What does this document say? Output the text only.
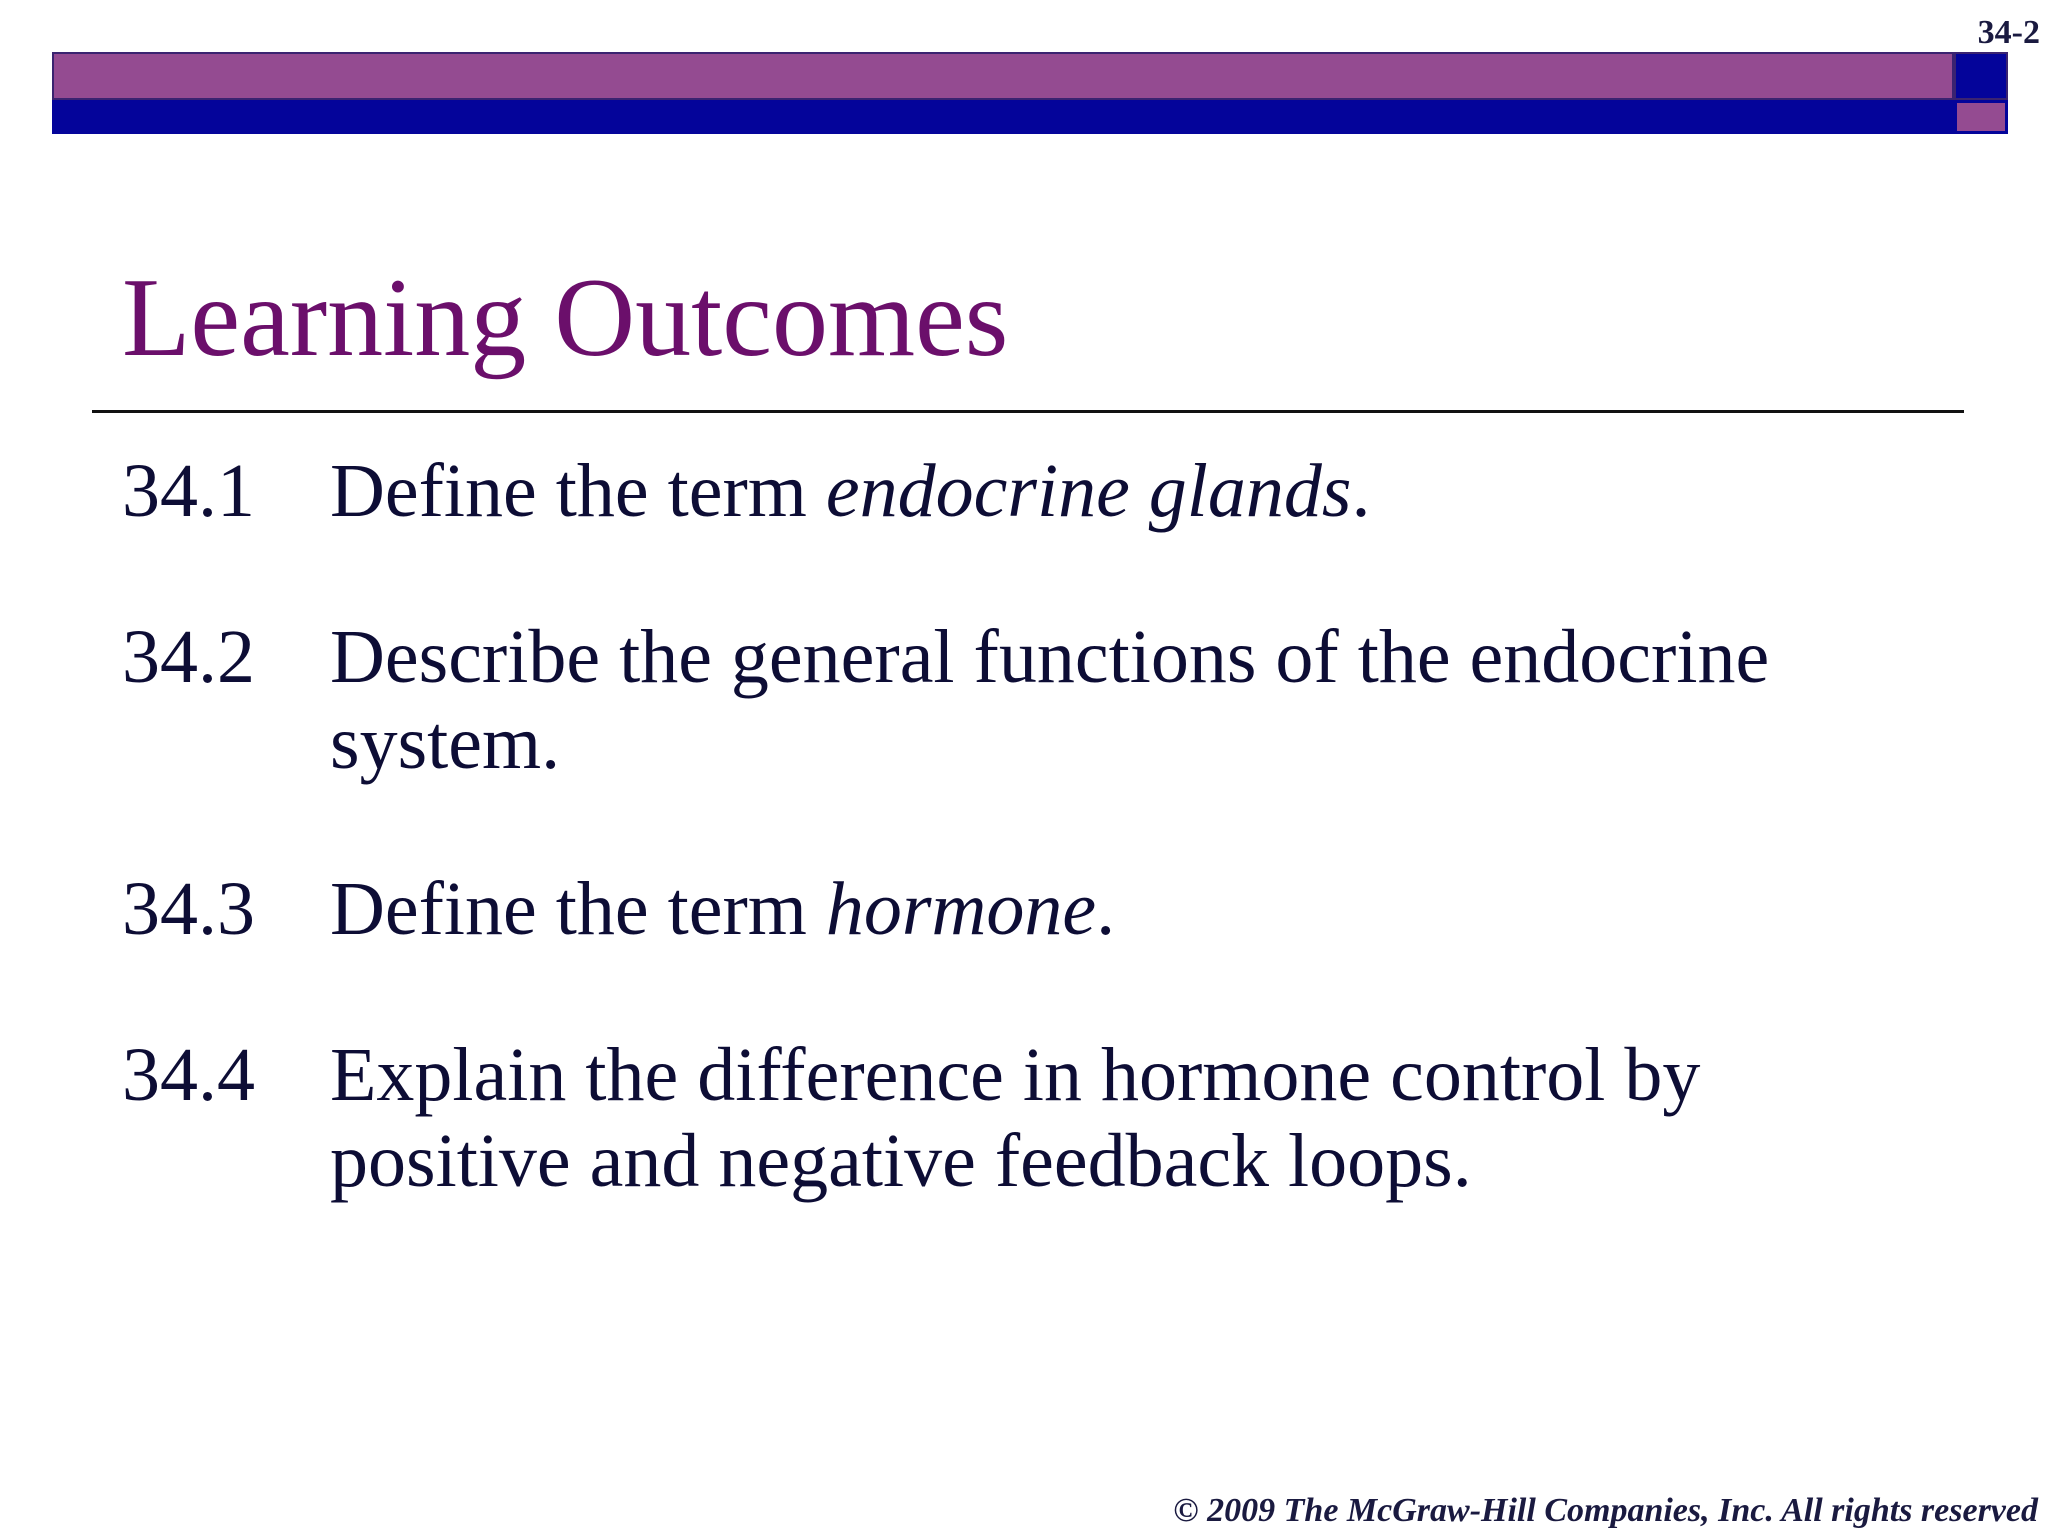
34-2
Learning Outcomes
34.1 Define the term endocrine glands.
34.2 Describe the general functions of the endocrine system.
34.3 Define the term hormone.
34.4 Explain the difference in hormone control by positive and negative feedback loops.
© 2009 The McGraw-Hill Companies, Inc. All rights reserved
